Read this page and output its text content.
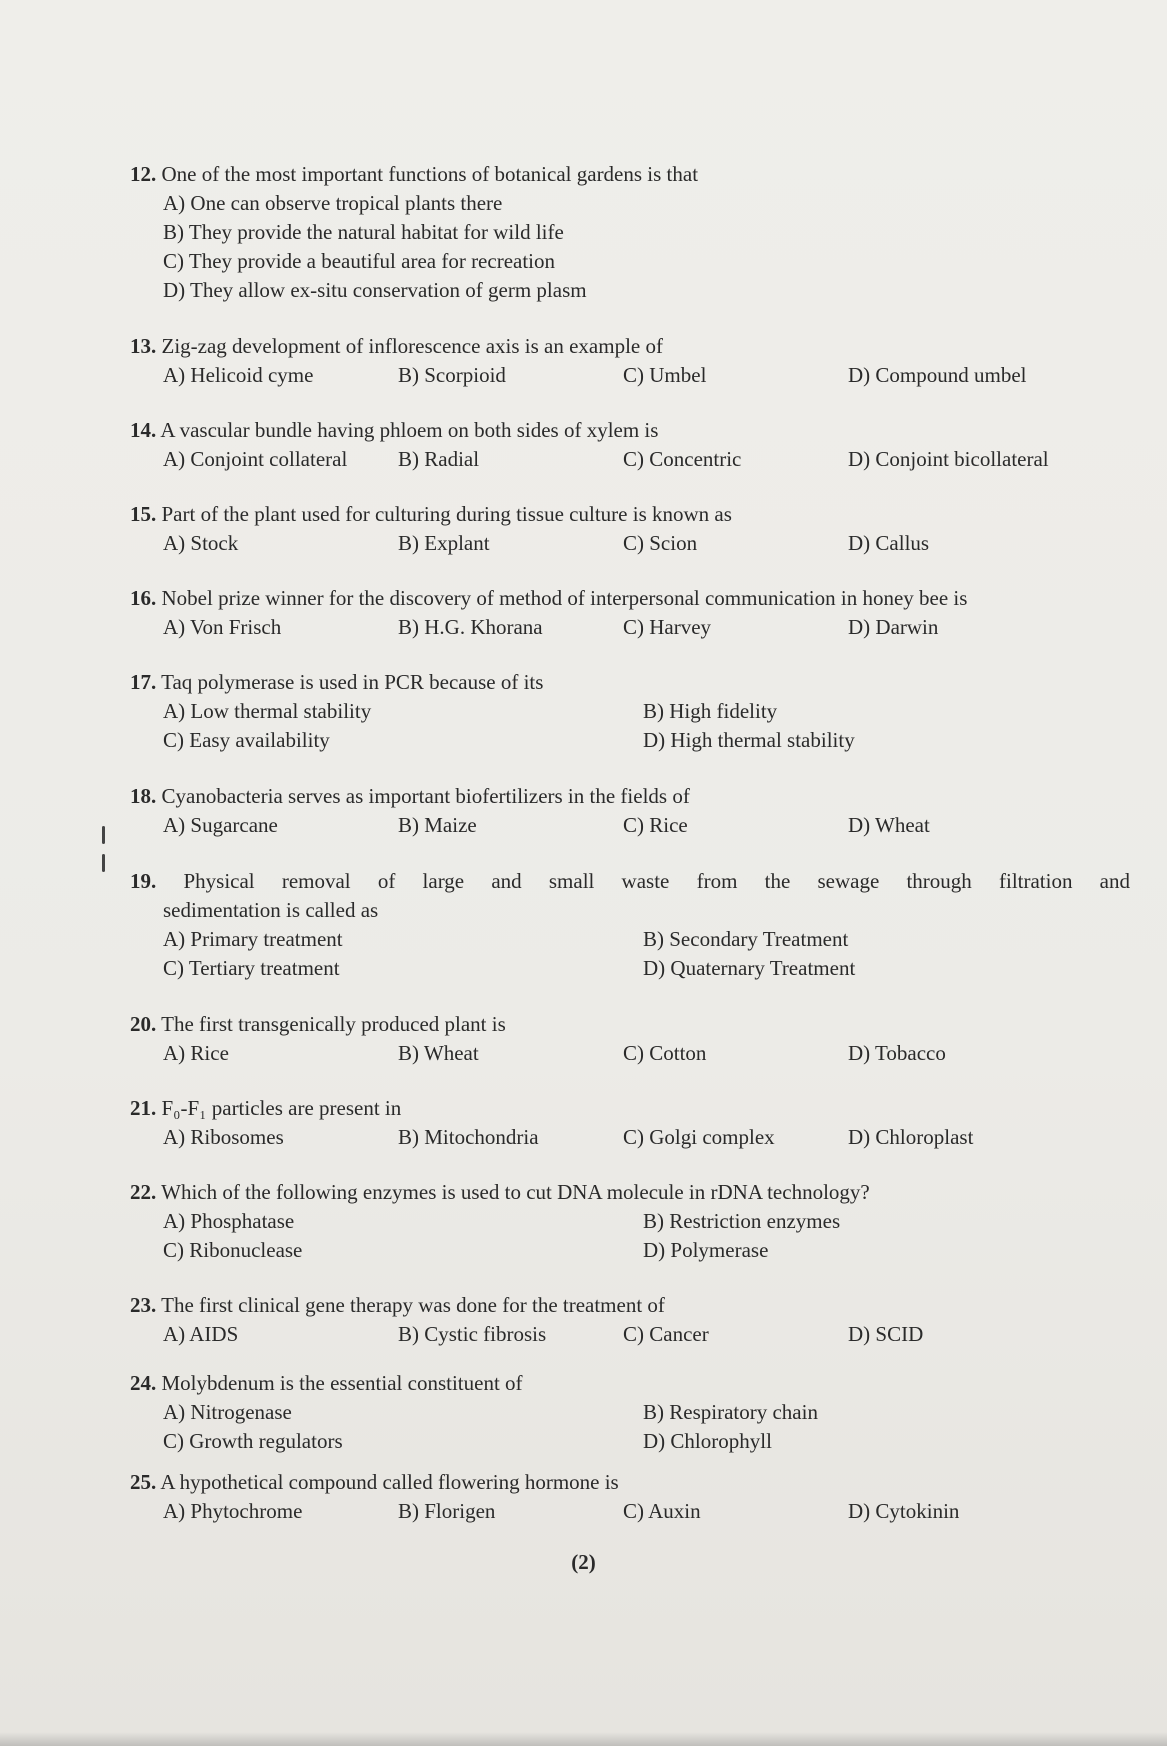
12. One of the most important functions of botanical gardens is that
A) One can observe tropical plants there
B) They provide the natural habitat for wild life
C) They provide a beautiful area for recreation
D) They allow ex-situ conservation of germ plasm
13. Zig-zag development of inflorescence axis is an example of
A) Helicoid cyme	B) Scorpioid	C) Umbel	D) Compound umbel
14. A vascular bundle having phloem on both sides of xylem is
A) Conjoint collateral	B) Radial	C) Concentric	D) Conjoint bicollateral
15. Part of the plant used for culturing during tissue culture is known as
A) Stock	B) Explant	C) Scion	D) Callus
16. Nobel prize winner for the discovery of method of interpersonal communication in honey bee is
A) Von Frisch	B) H.G. Khorana	C) Harvey	D) Darwin
17. Taq polymerase is used in PCR because of its
A) Low thermal stability	B) High fidelity
C) Easy availability	D) High thermal stability
18. Cyanobacteria serves as important biofertilizers in the fields of
A) Sugarcane	B) Maize	C) Rice	D) Wheat
19. Physical removal of large and small waste from the sewage through filtration and
sedimentation is called as
A) Primary treatment	B) Secondary Treatment
C) Tertiary treatment	D) Quaternary Treatment
20. The first transgenically produced plant is
A) Rice	B) Wheat	C) Cotton	D) Tobacco
21. F₀-F₁ particles are present in
A) Ribosomes	B) Mitochondria	C) Golgi complex	D) Chloroplast
22. Which of the following enzymes is used to cut DNA molecule in rDNA technology?
A) Phosphatase	B) Restriction enzymes
C) Ribonuclease	D) Polymerase
23. The first clinical gene therapy was done for the treatment of
A) AIDS	B) Cystic fibrosis	C) Cancer	D) SCID
24. Molybdenum is the essential constituent of
A) Nitrogenase	B) Respiratory chain
C) Growth regulators	D) Chlorophyll
25. A hypothetical compound called flowering hormone is
A) Phytochrome	B) Florigen	C) Auxin	D) Cytokinin
(2)
